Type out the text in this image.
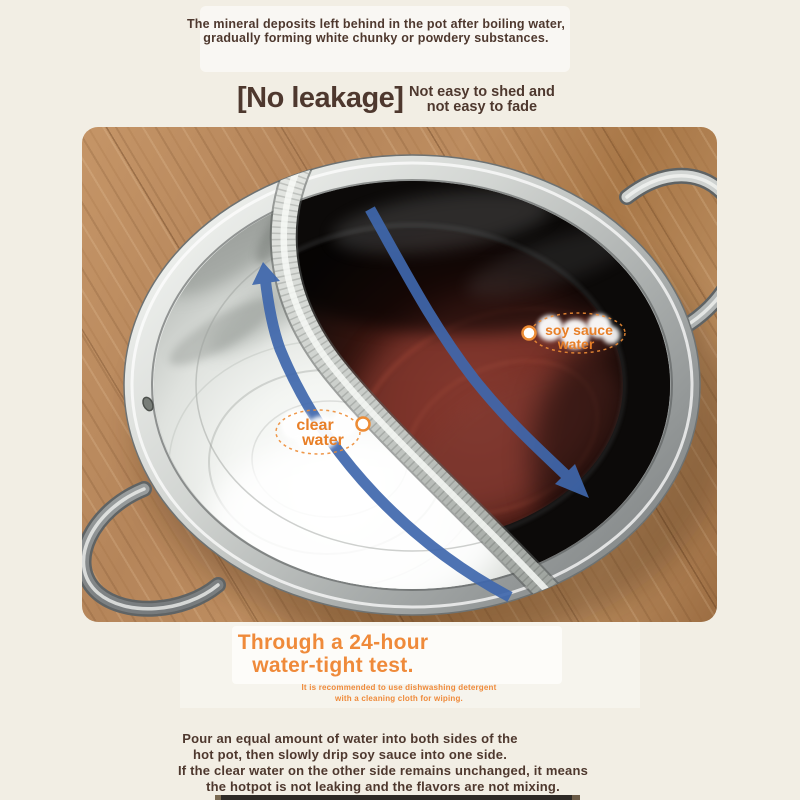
The mineral deposits left behind in the pot after boiling water,
gradually forming white chunky or powdery substances.
[No leakage] Not easy to shed and
not easy to fade
clear
water
soy sauce
water
Through a 24-hour
water-tight test.
It is recommended to use dishwashing detergent
with a cleaning cloth for wiping.
Pour an equal amount of water into both sides of the
hot pot, then slowly drip soy sauce into one side.
If the clear water on the other side remains unchanged, it means
the hotpot is not leaking and the flavors are not mixing.
